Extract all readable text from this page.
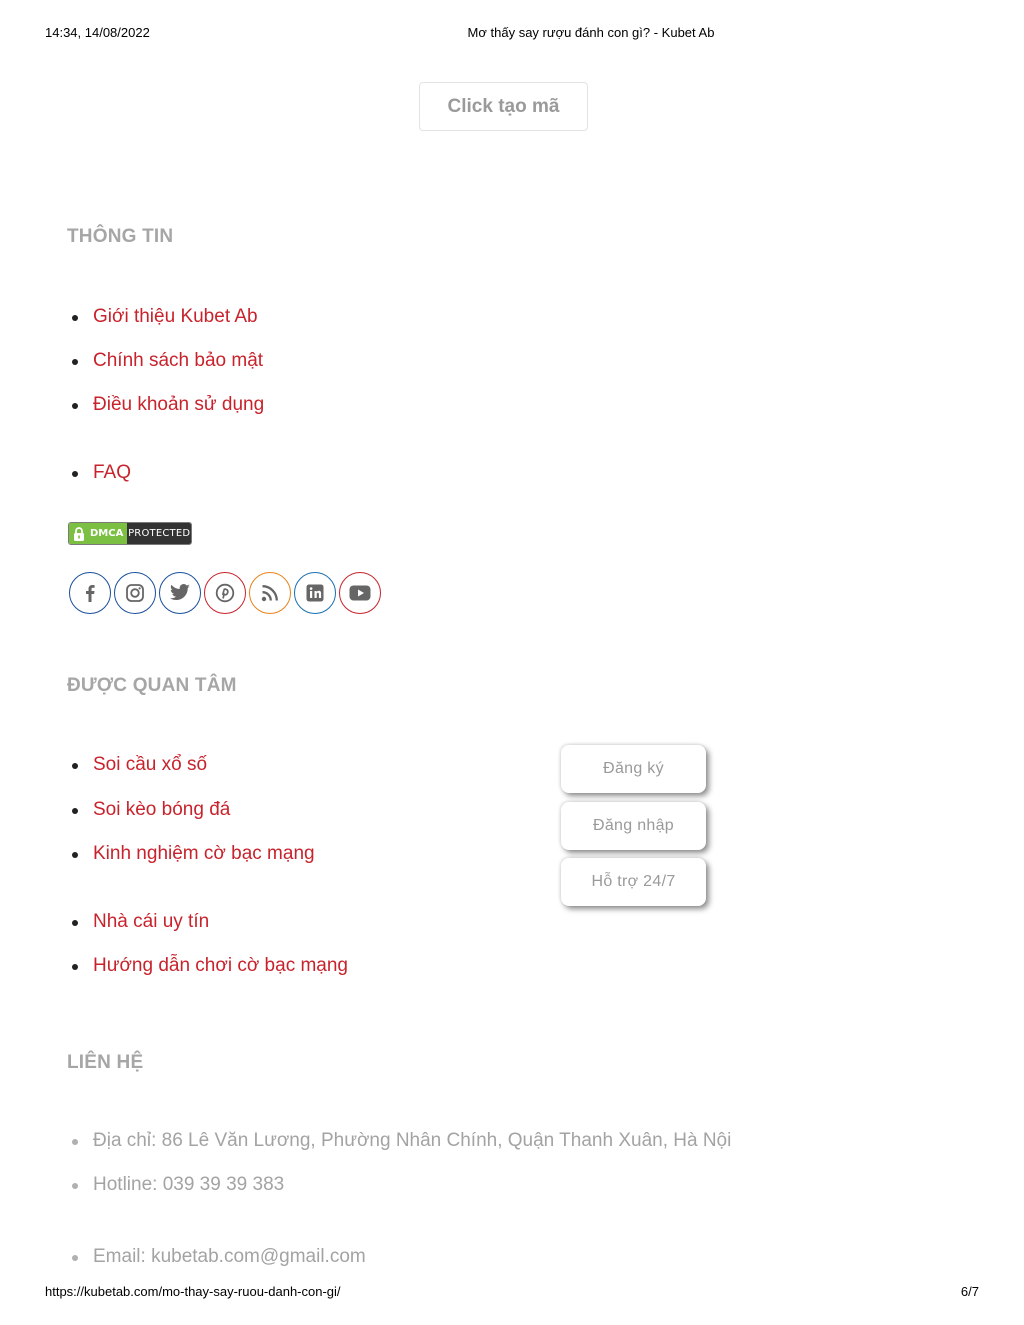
14:34, 14/08/2022	Mơ thấy say rượu đánh con gì? - Kubet Ab
Click tạo mã
THÔNG TIN
Giới thiệu Kubet Ab
Chính sách bảo mật
Điều khoản sử dụng
FAQ
DMCA PROTECTED
ĐƯỢC QUAN TÂM
Soi cầu xổ số
Soi kèo bóng đá
Kinh nghiệm cờ bạc mạng
Nhà cái uy tín
Hướng dẫn chơi cờ bạc mạng
Đăng ký
Đăng nhập
Hỗ trợ 24/7
LIÊN HỆ
Địa chỉ: 86 Lê Văn Lương, Phường Nhân Chính, Quận Thanh Xuân, Hà Nội
Hotline: 039 39 39 383
Email: kubetab.com@gmail.com
https://kubetab.com/mo-thay-say-ruou-danh-con-gi/	6/7
